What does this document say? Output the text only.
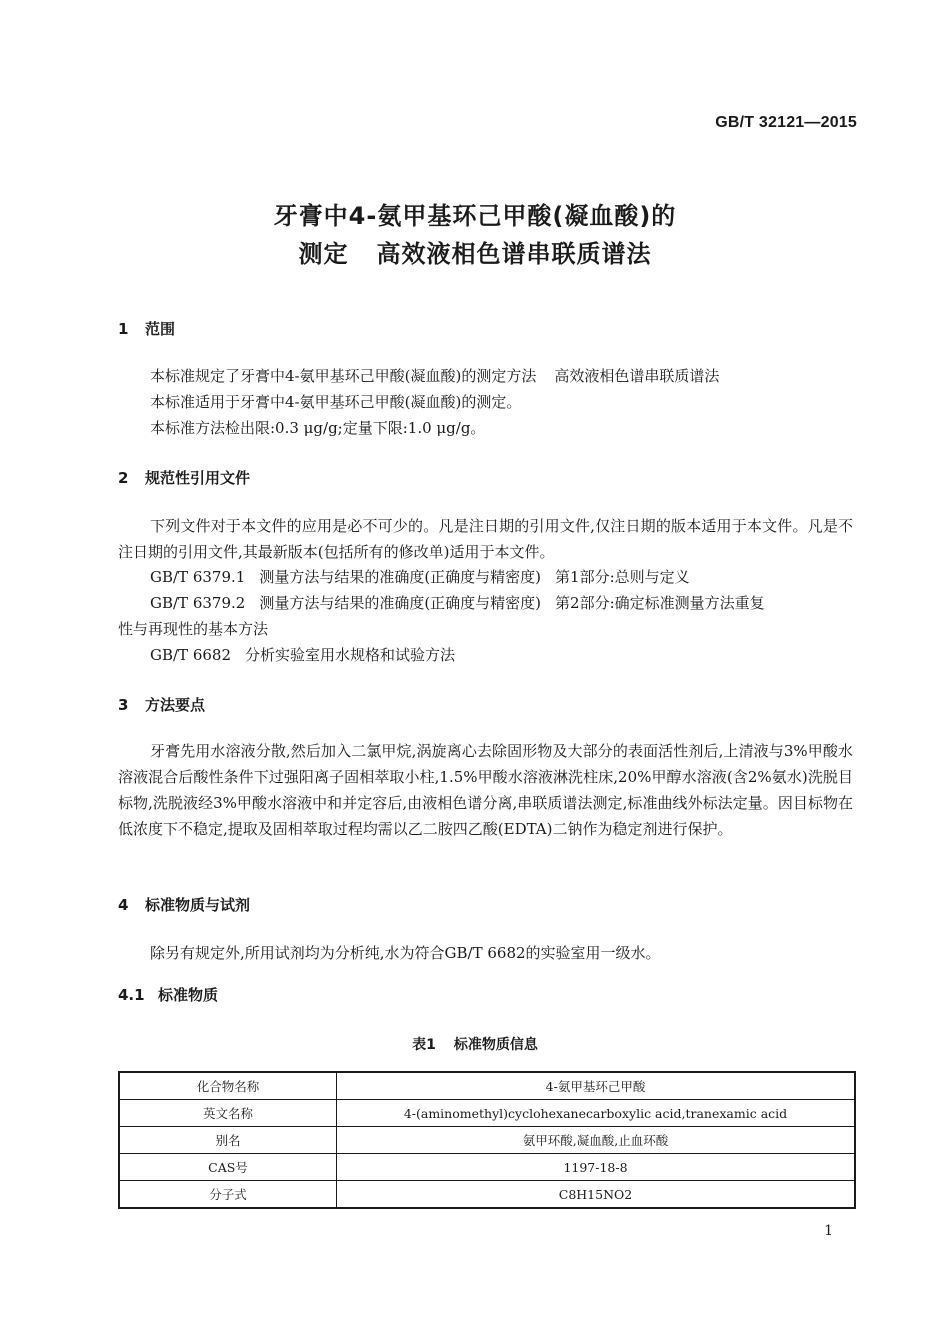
GB/T 32121—2015
牙膏中4-氨甲基环己甲酸(凝血酸)的
测定 高效液相色谱串联质谱法
1 范围
本标准规定了牙膏中4-氨甲基环己甲酸(凝血酸)的测定方法 高效液相色谱串联质谱法
本标准适用于牙膏中4-氨甲基环己甲酸(凝血酸)的测定。
本标准方法检出限:0.3 μg/g;定量下限:1.0 μg/g。
2 规范性引用文件
下列文件对于本文件的应用是必不可少的。凡是注日期的引用文件,仅注日期的版本适用于本文件。凡是不注日期的引用文件,其最新版本(包括所有的修改单)适用于本文件。
GB/T 6379.1 测量方法与结果的准确度(正确度与精密度) 第1部分:总则与定义
GB/T 6379.2 测量方法与结果的准确度(正确度与精密度) 第2部分:确定标准测量方法重复
性与再现性的基本方法
GB/T 6682 分析实验室用水规格和试验方法
3 方法要点
牙膏先用水溶液分散,然后加入二氯甲烷,涡旋离心去除固形物及大部分的表面活性剂后,上清液与3%甲酸水溶液混合后酸性条件下过强阳离子固相萃取小柱,1.5%甲酸水溶液淋洗柱床,20%甲醇水溶液(含2%氨水)洗脱目标物,洗脱液经3%甲酸水溶液中和并定容后,由液相色谱分离,串联质谱法测定,标准曲线外标法定量。因目标物在低浓度下不稳定,提取及固相萃取过程均需以乙二胺四乙酸(EDTA)二钠作为稳定剂进行保护。
4 标准物质与试剂
除另有规定外,所用试剂均为分析纯,水为符合GB/T 6682的实验室用一级水。
4.1 标准物质
表1 标准物质信息
化合物名称	4-氨甲基环己甲酸
英文名称	4-(aminomethyl)cyclohexanecarboxylic acid,tranexamic acid
别名	氨甲环酸,凝血酸,止血环酸
CAS号	1197-18-8
分子式	C8H15NO2
1
